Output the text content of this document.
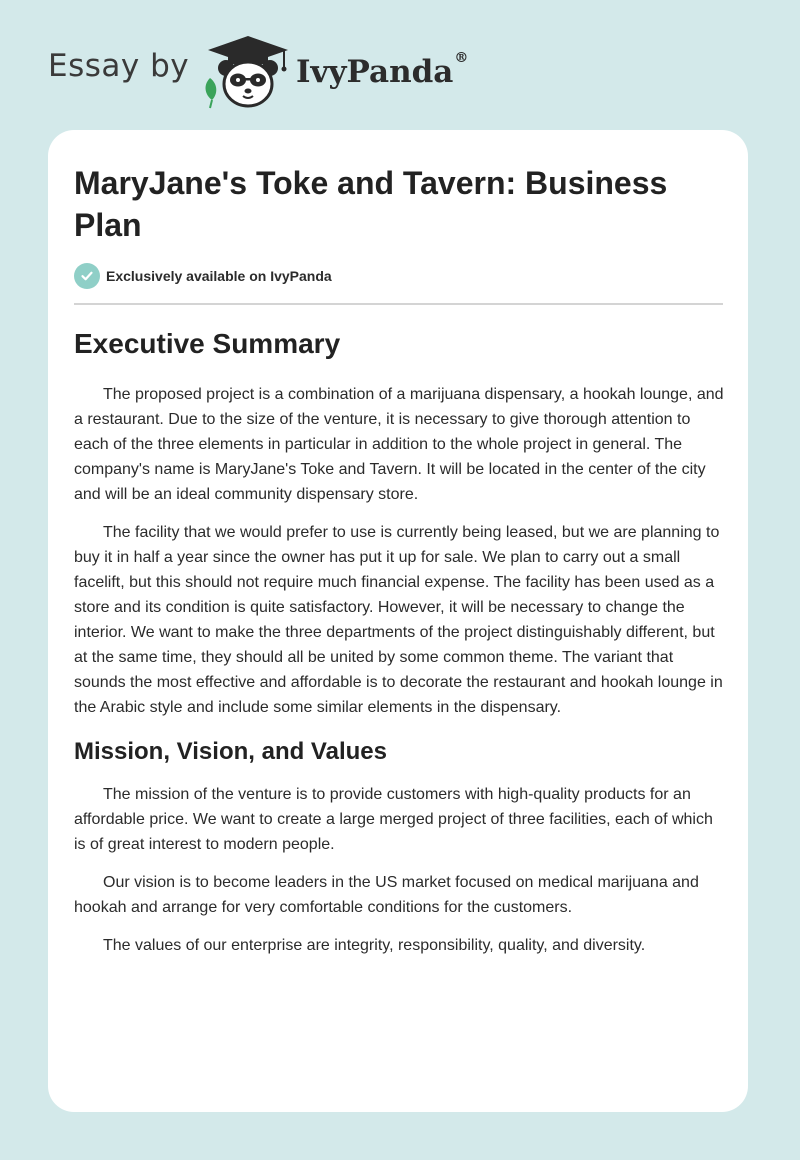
Essay by	IvyPanda®
MaryJane's Toke and Tavern: Business Plan
Exclusively available on IvyPanda
Executive Summary

The proposed project is a combination of a marijuana dispensary, a hookah lounge, and a restaurant. Due to the size of the venture, it is necessary to give thorough attention to each of the three elements in particular in addition to the whole project in general. The company's name is MaryJane's Toke and Tavern. It will be located in the center of the city and will be an ideal community dispensary store.

The facility that we would prefer to use is currently being leased, but we are planning to buy it in half a year since the owner has put it up for sale. We plan to carry out a small facelift, but this should not require much financial expense. The facility has been used as a store and its condition is quite satisfactory. However, it will be necessary to change the interior. We want to make the three departments of the project distinguishably different, but at the same time, they should all be united by some common theme. The variant that sounds the most effective and affordable is to decorate the restaurant and hookah lounge in the Arabic style and include some similar elements in the dispensary.

Mission, Vision, and Values

The mission of the venture is to provide customers with high-quality products for an affordable price. We want to create a large merged project of three facilities, each of which is of great interest to modern people.

Our vision is to become leaders in the US market focused on medical marijuana and hookah and arrange for very comfortable conditions for the customers.

The values of our enterprise are integrity, responsibility, quality, and diversity.
